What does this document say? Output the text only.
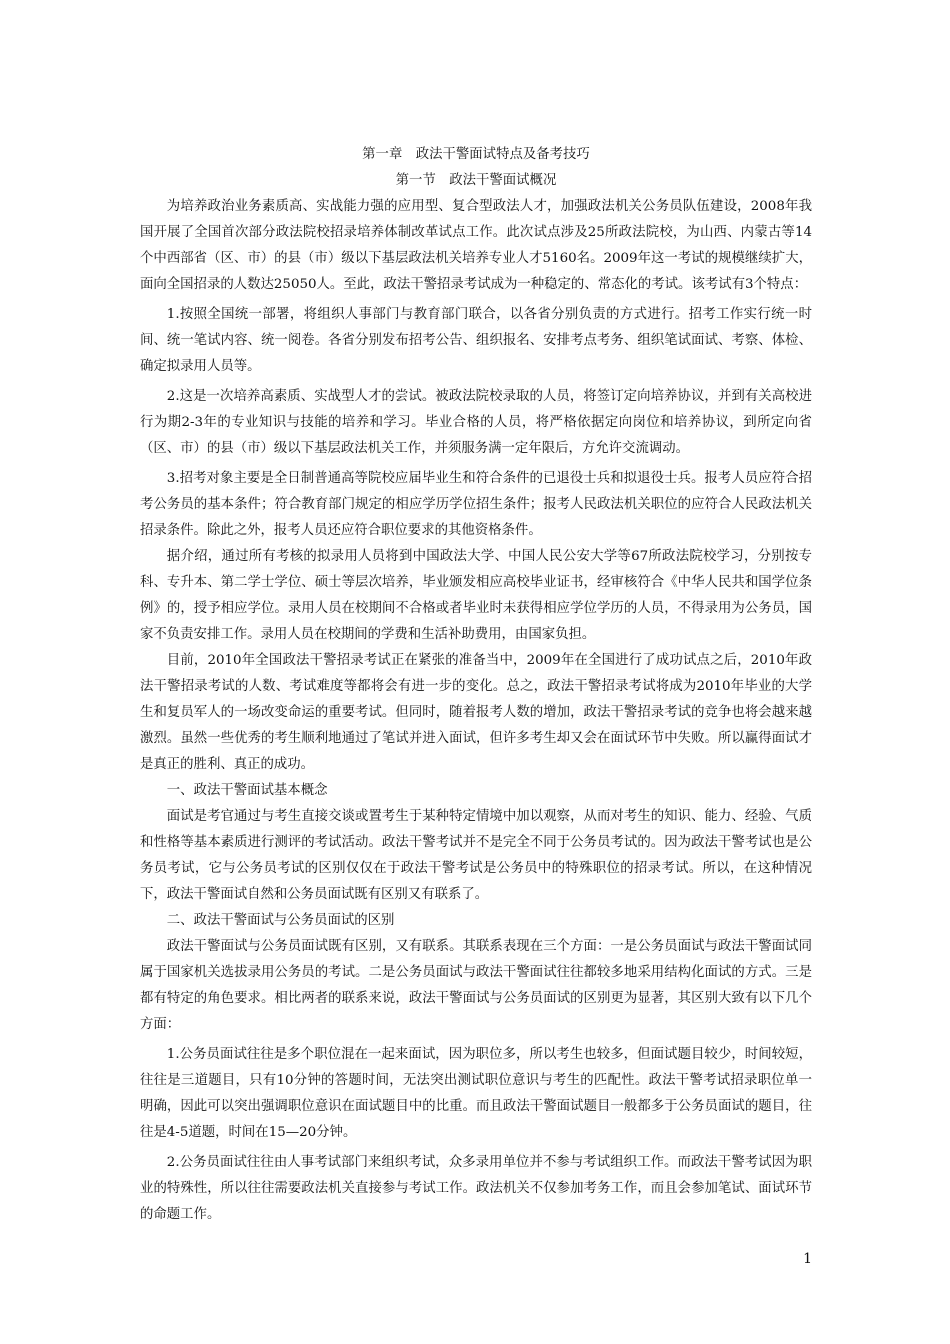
第一章　政法干警面试特点及备考技巧

第一节　政法干警面试概况

为培养政治业务素质高、实战能力强的应用型、复合型政法人才，加强政法机关公务员队伍建设，2008年我国开展了全国首次部分政法院校招录培养体制改革试点工作。此次试点涉及25所政法院校，为山西、内蒙古等14个中西部省（区、市）的县（市）级以下基层政法机关培养专业人才5160名。2009年这一考试的规模继续扩大，面向全国招录的人数达25050人。至此，政法干警招录考试成为一种稳定的、常态化的考试。该考试有3个特点：

1.按照全国统一部署，将组织人事部门与教育部门联合，以各省分别负责的方式进行。招考工作实行统一时间、统一笔试内容、统一阅卷。各省分别发布招考公告、组织报名、安排考点考务、组织笔试面试、考察、体检、确定拟录用人员等。

2.这是一次培养高素质、实战型人才的尝试。被政法院校录取的人员，将签订定向培养协议，并到有关高校进行为期2-3年的专业知识与技能的培养和学习。毕业合格的人员，将严格依据定向岗位和培养协议，到所定向省（区、市）的县（市）级以下基层政法机关工作，并须服务满一定年限后，方允许交流调动。

3.招考对象主要是全日制普通高等院校应届毕业生和符合条件的已退役士兵和拟退役士兵。报考人员应符合招考公务员的基本条件；符合教育部门规定的相应学历学位招生条件；报考人民政法机关职位的应符合人民政法机关招录条件。除此之外，报考人员还应符合职位要求的其他资格条件。

据介绍，通过所有考核的拟录用人员将到中国政法大学、中国人民公安大学等67所政法院校学习，分别按专科、专升本、第二学士学位、硕士等层次培养，毕业颁发相应高校毕业证书，经审核符合《中华人民共和国学位条例》的，授予相应学位。录用人员在校期间不合格或者毕业时未获得相应学位学历的人员，不得录用为公务员，国家不负责安排工作。录用人员在校期间的学费和生活补助费用，由国家负担。

目前，2010年全国政法干警招录考试正在紧张的准备当中，2009年在全国进行了成功试点之后，2010年政法干警招录考试的人数、考试难度等都将会有进一步的变化。总之，政法干警招录考试将成为2010年毕业的大学生和复员军人的一场改变命运的重要考试。但同时，随着报考人数的增加，政法干警招录考试的竞争也将会越来越激烈。虽然一些优秀的考生顺利地通过了笔试并进入面试，但许多考生却又会在面试环节中失败。所以赢得面试才是真正的胜利、真正的成功。

一、政法干警面试基本概念

面试是考官通过与考生直接交谈或置考生于某种特定情境中加以观察，从而对考生的知识、能力、经验、气质和性格等基本素质进行测评的考试活动。政法干警考试并不是完全不同于公务员考试的。因为政法干警考试也是公务员考试，它与公务员考试的区别仅仅在于政法干警考试是公务员中的特殊职位的招录考试。所以，在这种情况下，政法干警面试自然和公务员面试既有区别又有联系了。

二、政法干警面试与公务员面试的区别

政法干警面试与公务员面试既有区别，又有联系。其联系表现在三个方面：一是公务员面试与政法干警面试同属于国家机关选拔录用公务员的考试。二是公务员面试与政法干警面试往往都较多地采用结构化面试的方式。三是都有特定的角色要求。相比两者的联系来说，政法干警面试与公务员面试的区别更为显著，其区别大致有以下几个方面：

1.公务员面试往往是多个职位混在一起来面试，因为职位多，所以考生也较多，但面试题目较少，时间较短，往往是三道题目，只有10分钟的答题时间，无法突出测试职位意识与考生的匹配性。政法干警考试招录职位单一明确，因此可以突出强调职位意识在面试题目中的比重。而且政法干警面试题目一般都多于公务员面试的题目，往往是4-5道题，时间在15—20分钟。

2.公务员面试往往由人事考试部门来组织考试，众多录用单位并不参与考试组织工作。而政法干警考试因为职业的特殊性，所以往往需要政法机关直接参与考试工作。政法机关不仅参加考务工作，而且会参加笔试、面试环节的命题工作。

1
